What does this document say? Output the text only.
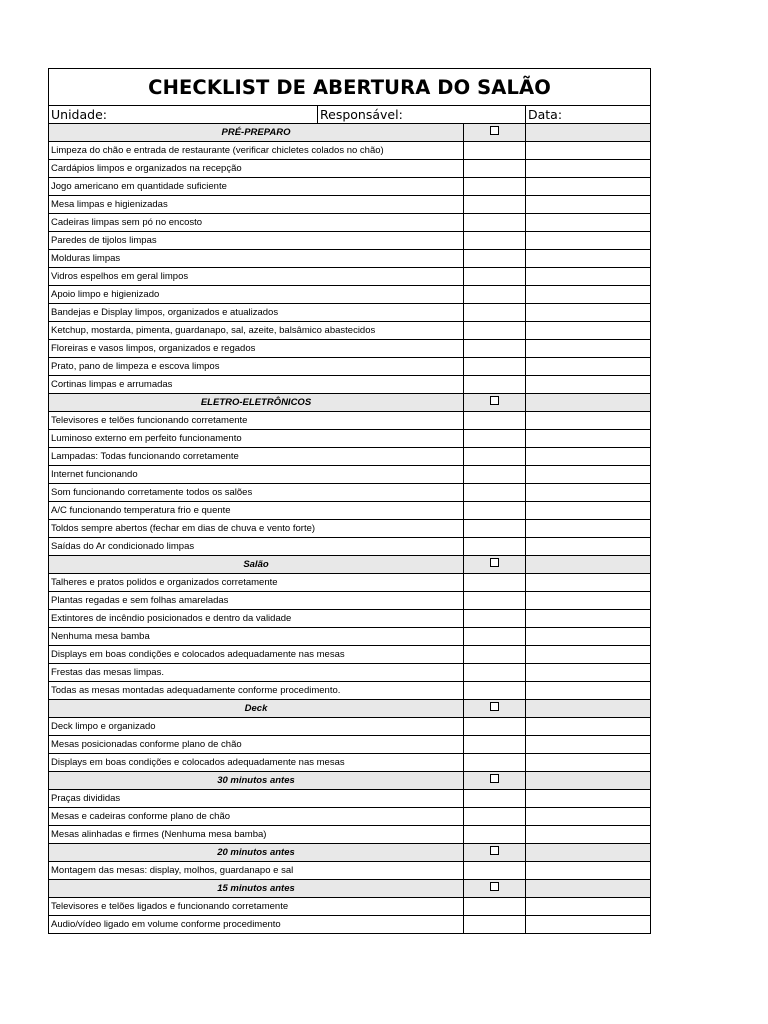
CHECKLIST DE ABERTURA DO SALÃO			
Unidade:	Responsável:		Data:
PRÉ-PREPARO			
Limpeza do chão e entrada de restaurante (verificar chicletes colados no chão)			
Cardápios limpos e organizados na recepção			
Jogo americano em quantidade suficiente			
Mesa limpas e higienizadas			
Cadeiras limpas sem pó no encosto			
Paredes de tijolos limpas			
Molduras limpas			
Vidros espelhos em geral limpos			
Apoio limpo e higienizado			
Bandejas e Display limpos, organizados e atualizados			
Ketchup, mostarda, pimenta, guardanapo, sal, azeite, balsâmico abastecidos			
Floreiras e vasos limpos, organizados e regados			
Prato, pano de limpeza e escova limpos			
Cortinas limpas e arrumadas			
ELETRO-ELETRÔNICOS			
Televisores e telões funcionando corretamente			
Luminoso externo em perfeito funcionamento			
Lampadas: Todas funcionando corretamente			
Internet funcionando			
Som funcionando corretamente todos os salões			
A/C funcionando temperatura frio e quente			
Toldos sempre abertos (fechar em dias de chuva e vento forte)			
Saídas do Ar condicionado limpas			
Salão			
Talheres e pratos polidos e organizados corretamente			
Plantas regadas e sem folhas amareladas			
Extintores de incêndio posicionados e dentro da validade			
Nenhuma mesa bamba			
Displays em boas condições e colocados adequadamente nas mesas			
Frestas das mesas limpas.			
Todas as mesas montadas adequadamente conforme procedimento.			
Deck			
Deck limpo e organizado			
Mesas posicionadas conforme plano de chão			
Displays em boas condições e colocados adequadamente nas mesas			
30 minutos antes			
Praças divididas			
Mesas e cadeiras conforme plano de chão			
Mesas alinhadas e firmes (Nenhuma mesa bamba)			
20 minutos antes			
Montagem das mesas: display, molhos, guardanapo e sal			
15 minutos antes			
Televisores e telões ligados e funcionando corretamente			
Audio/vídeo ligado em volume conforme procedimento			
